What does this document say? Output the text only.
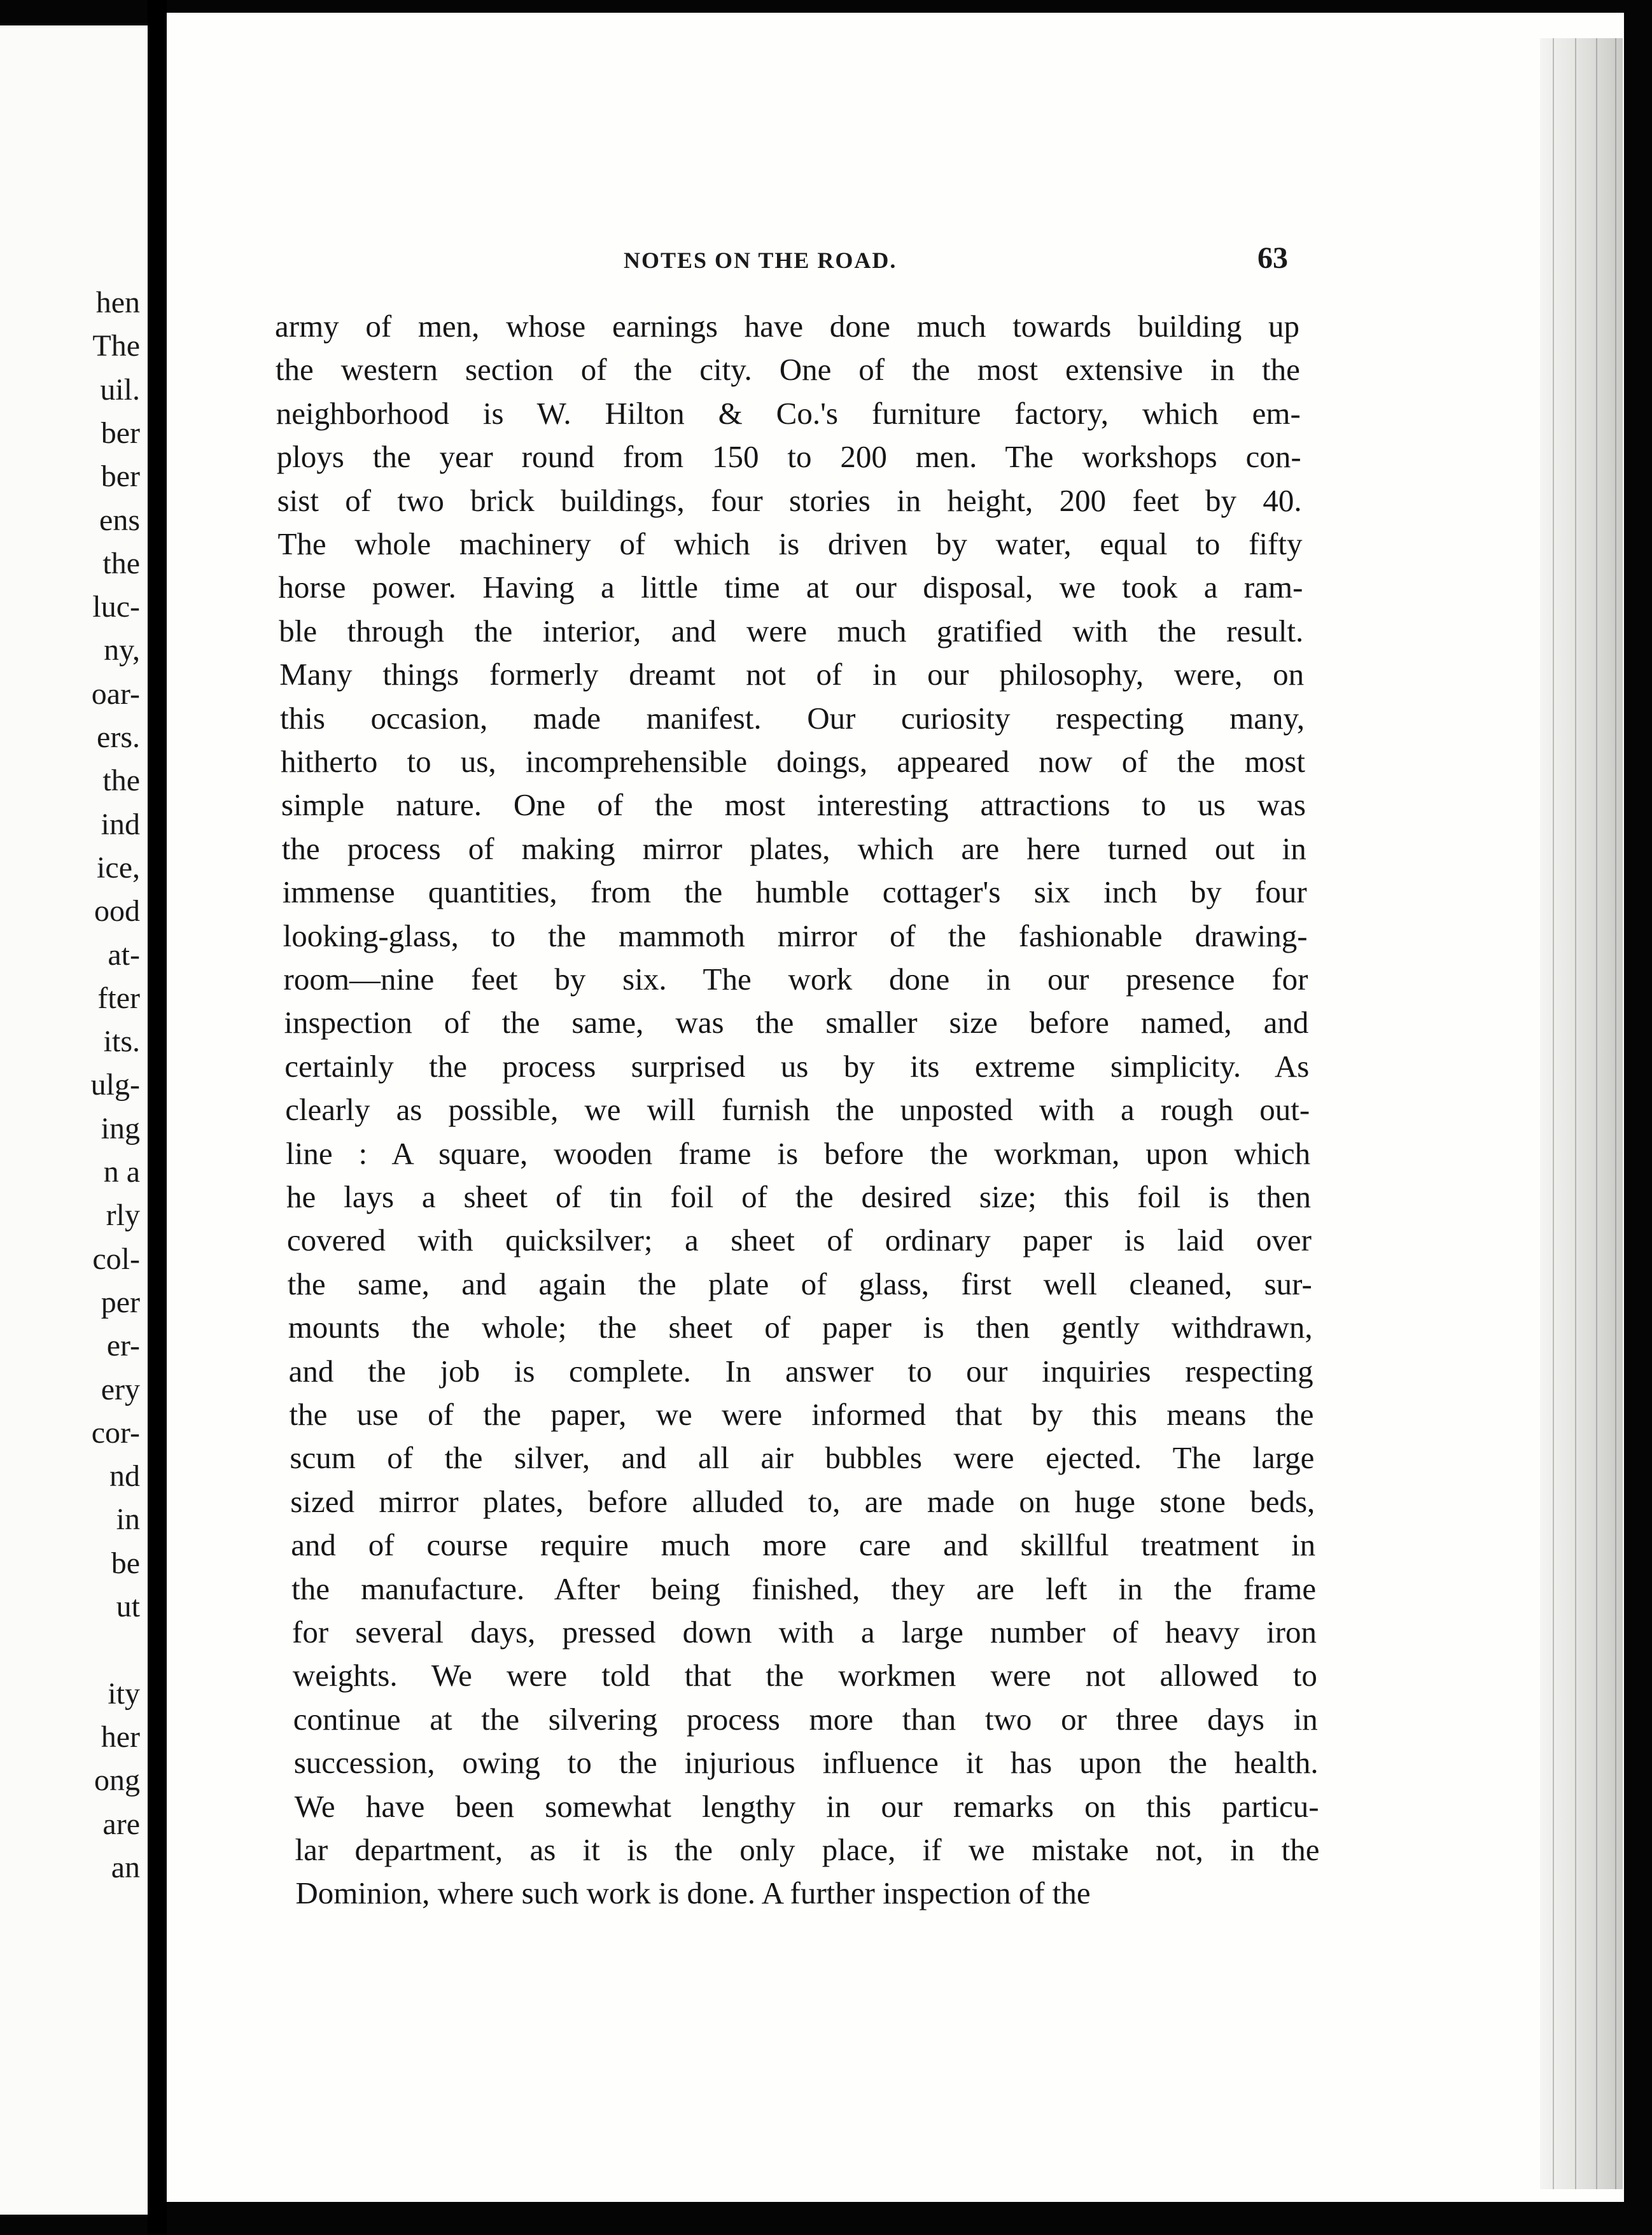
hen
The
uil.
ber
ber
ens
the
luc-
ny,
oar-
ers.
the
ind
ice,
ood
at-
fter
its.
ulg-
ing
n a
rly
col-
per
er-
ery
cor-
nd
in
be
ut
ity
her
ong
are
an
NOTES ON THE ROAD.	63
army of men, whose earnings have done much towards building up
the western section of the city. One of the most extensive in the
neighborhood is W. Hilton & Co.'s furniture factory, which em-
ploys the year round from 150 to 200 men. The workshops con-
sist of two brick buildings, four stories in height, 200 feet by 40.
The whole machinery of which is driven by water, equal to fifty
horse power. Having a little time at our disposal, we took a ram-
ble through the interior, and were much gratified with the result.
Many things formerly dreamt not of in our philosophy, were, on
this occasion, made manifest. Our curiosity respecting many,
hitherto to us, incomprehensible doings, appeared now of the most
simple nature. One of the most interesting attractions to us was
the process of making mirror plates, which are here turned out in
immense quantities, from the humble cottager's six inch by four
looking-glass, to the mammoth mirror of the fashionable drawing-
room—nine feet by six. The work done in our presence for
inspection of the same, was the smaller size before named, and
certainly the process surprised us by its extreme simplicity. As
clearly as possible, we will furnish the unposted with a rough out-
line : A square, wooden frame is before the workman, upon which
he lays a sheet of tin foil of the desired size; this foil is then
covered with quicksilver; a sheet of ordinary paper is laid over
the same, and again the plate of glass, first well cleaned, sur-
mounts the whole; the sheet of paper is then gently withdrawn,
and the job is complete. In answer to our inquiries respecting
the use of the paper, we were informed that by this means the
scum of the silver, and all air bubbles were ejected. The large
sized mirror plates, before alluded to, are made on huge stone beds,
and of course require much more care and skillful treatment in
the manufacture. After being finished, they are left in the frame
for several days, pressed down with a large number of heavy iron
weights. We were told that the workmen were not allowed to
continue at the silvering process more than two or three days in
succession, owing to the injurious influence it has upon the health.
We have been somewhat lengthy in our remarks on this particu-
lar department, as it is the only place, if we mistake not, in the
Dominion, where such work is done. A further inspection of the
